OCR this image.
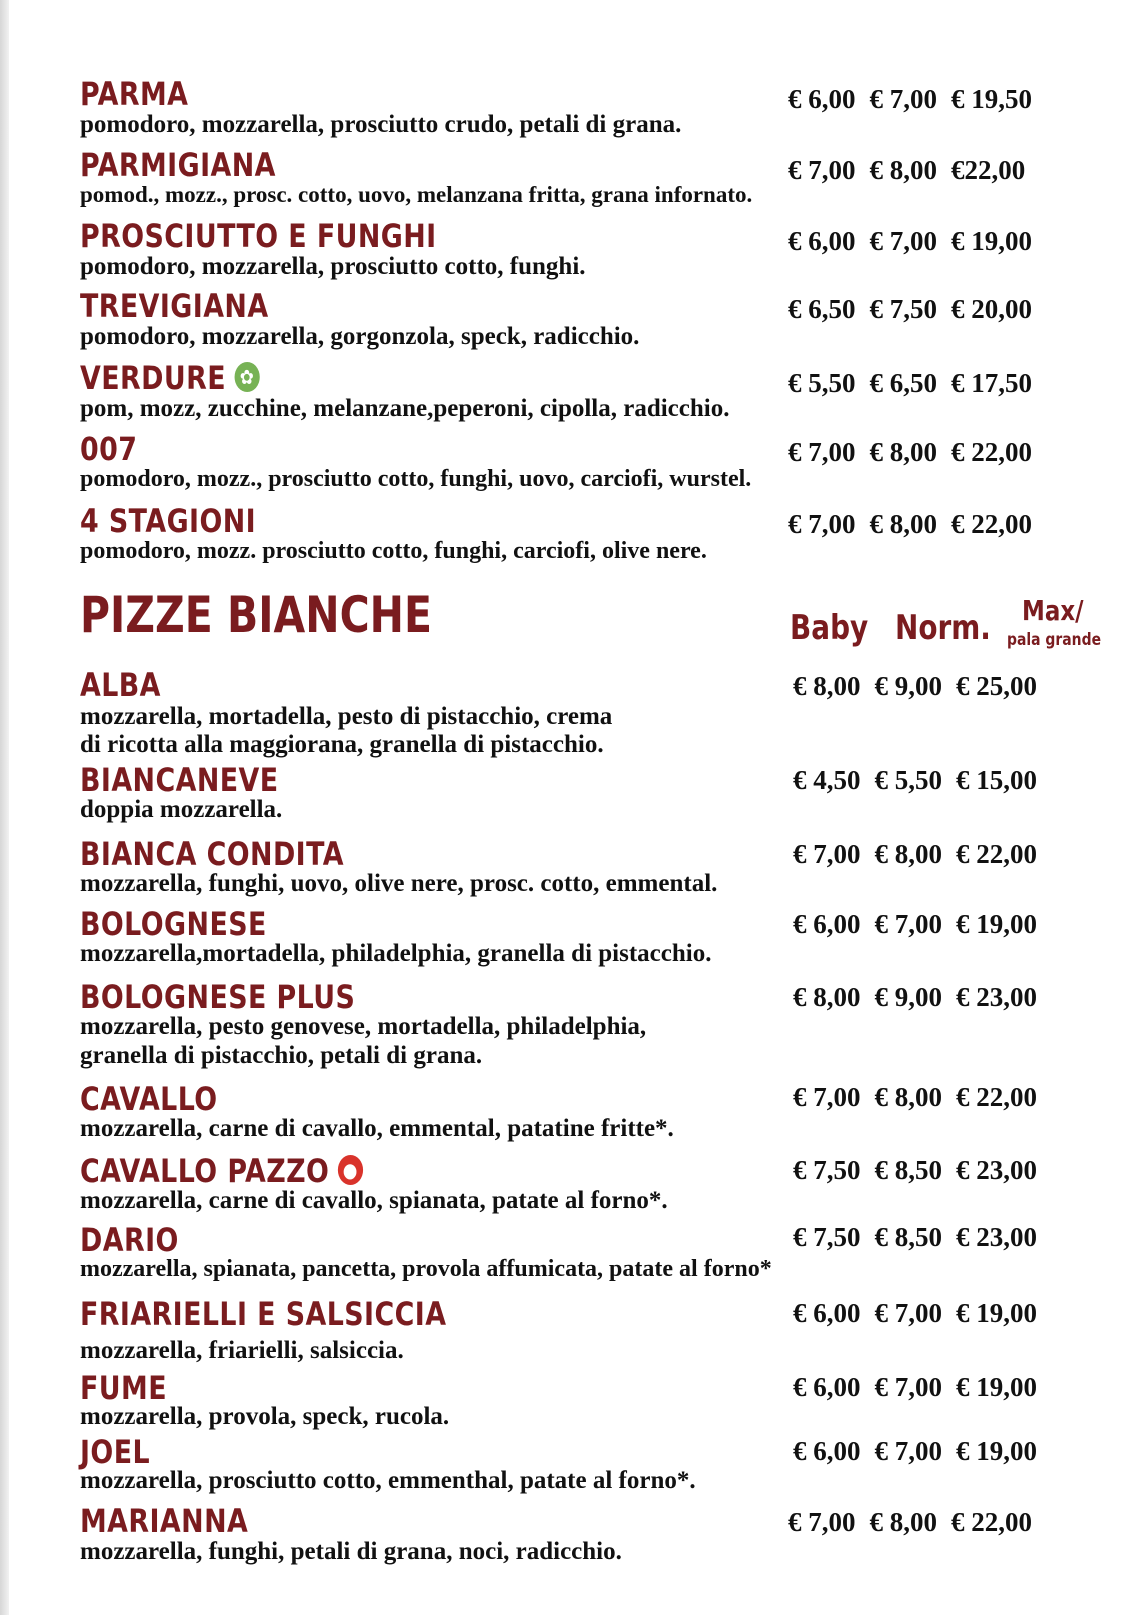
PARMA
pomodoro, mozzarella, prosciutto crudo, petali di grana.
€ 6,00 € 7,00 € 19,50
PARMIGIANA
pomod., mozz., prosc. cotto, uovo, melanzana fritta, grana infornato.
€ 7,00 € 8,00 €22,00
PROSCIUTTO E FUNGHI
pomodoro, mozzarella, prosciutto cotto, funghi.
€ 6,00 € 7,00 € 19,00
TREVIGIANA
pomodoro, mozzarella, gorgonzola, speck, radicchio.
€ 6,50 € 7,50 € 20,00
VERDURE ✿
pom, mozz, zucchine, melanzane,peperoni, cipolla, radicchio.
€ 5,50 € 6,50 € 17,50
007
pomodoro, mozz., prosciutto cotto, funghi, uovo, carciofi, wurstel.
€ 7,00 € 8,00 € 22,00
4 STAGIONI
pomodoro, mozz. prosciutto cotto, funghi, carciofi, olive nere.
€ 7,00 € 8,00 € 22,00
PIZZE BIANCHE	Baby Norm. Max/
pala grande
ALBA
mozzarella, mortadella, pesto di pistacchio, crema
di ricotta alla maggiorana, granella di pistacchio.
€ 8,00 € 9,00 € 25,00
BIANCANEVE
doppia mozzarella.
€ 4,50 € 5,50 € 15,00
BIANCA CONDITA
mozzarella, funghi, uovo, olive nere, prosc. cotto, emmental.
€ 7,00 € 8,00 € 22,00
BOLOGNESE
mozzarella,mortadella, philadelphia, granella di pistacchio.
€ 6,00 € 7,00 € 19,00
BOLOGNESE PLUS
mozzarella, pesto genovese, mortadella, philadelphia,
granella di pistacchio, petali di grana.
€ 8,00 € 9,00 € 23,00
CAVALLO
mozzarella, carne di cavallo, emmental, patatine fritte*.
€ 7,00 € 8,00 € 22,00
CAVALLO PAZZO ●
mozzarella, carne di cavallo, spianata, patate al forno*.
€ 7,50 € 8,50 € 23,00
DARIO
mozzarella, spianata, pancetta, provola affumicata, patate al forno*
€ 7,50 € 8,50 € 23,00
FRIARIELLI E SALSICCIA
mozzarella, friarielli, salsiccia.
€ 6,00 € 7,00 € 19,00
FUME
mozzarella, provola, speck, rucola.
€ 6,00 € 7,00 € 19,00
JOEL
mozzarella, prosciutto cotto, emmenthal, patate al forno*.
€ 6,00 € 7,00 € 19,00
MARIANNA
mozzarella, funghi, petali di grana, noci, radicchio.
€ 7,00 € 8,00 € 22,00
